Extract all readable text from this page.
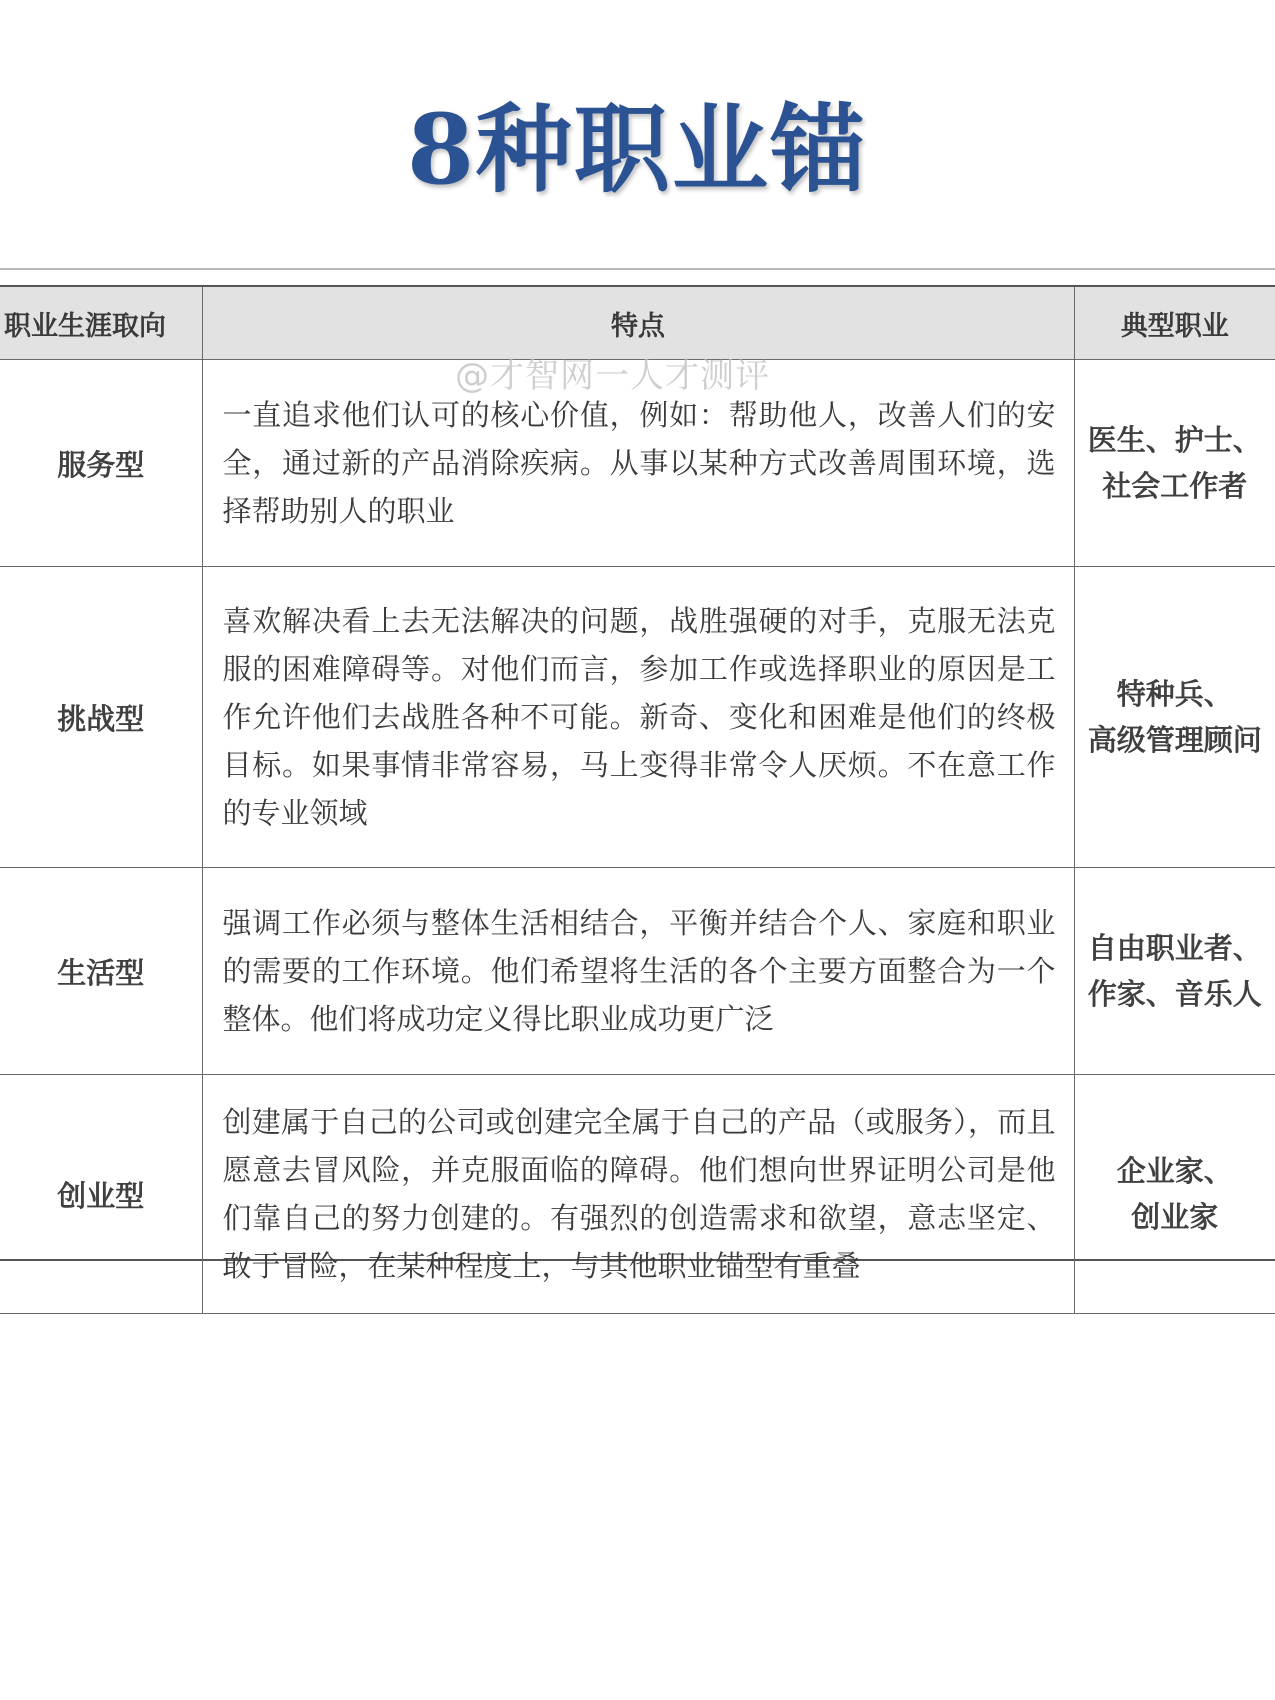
8种职业锚
职业生涯取向	特点	典型职业
服务型	一直追求他们认可的核心价值，例如：帮助他人，改善人们的安全，通过新的产品消除疾病。从事以某种方式改善周围环境，选择帮助别人的职业	医生、护士、
社会工作者
挑战型	喜欢解决看上去无法解决的问题，战胜强硬的对手，克服无法克服的困难障碍等。对他们而言，参加工作或选择职业的原因是工作允许他们去战胜各种不可能。新奇、变化和困难是他们的终极目标。如果事情非常容易，马上变得非常令人厌烦。不在意工作的专业领域	特种兵、
高级管理顾问
生活型	强调工作必须与整体生活相结合，平衡并结合个人、家庭和职业的需要的工作环境。他们希望将生活的各个主要方面整合为一个整体。他们将成功定义得比职业成功更广泛	自由职业者、
作家、音乐人
创业型	创建属于自己的公司或创建完全属于自己的产品（或服务），而且愿意去冒风险，并克服面临的障碍。他们想向世界证明公司是他们靠自己的努力创建的。有强烈的创造需求和欲望，意志坚定、敢于冒险，在某种程度上，与其他职业锚型有重叠	企业家、
创业家
@才智网一人才测评
